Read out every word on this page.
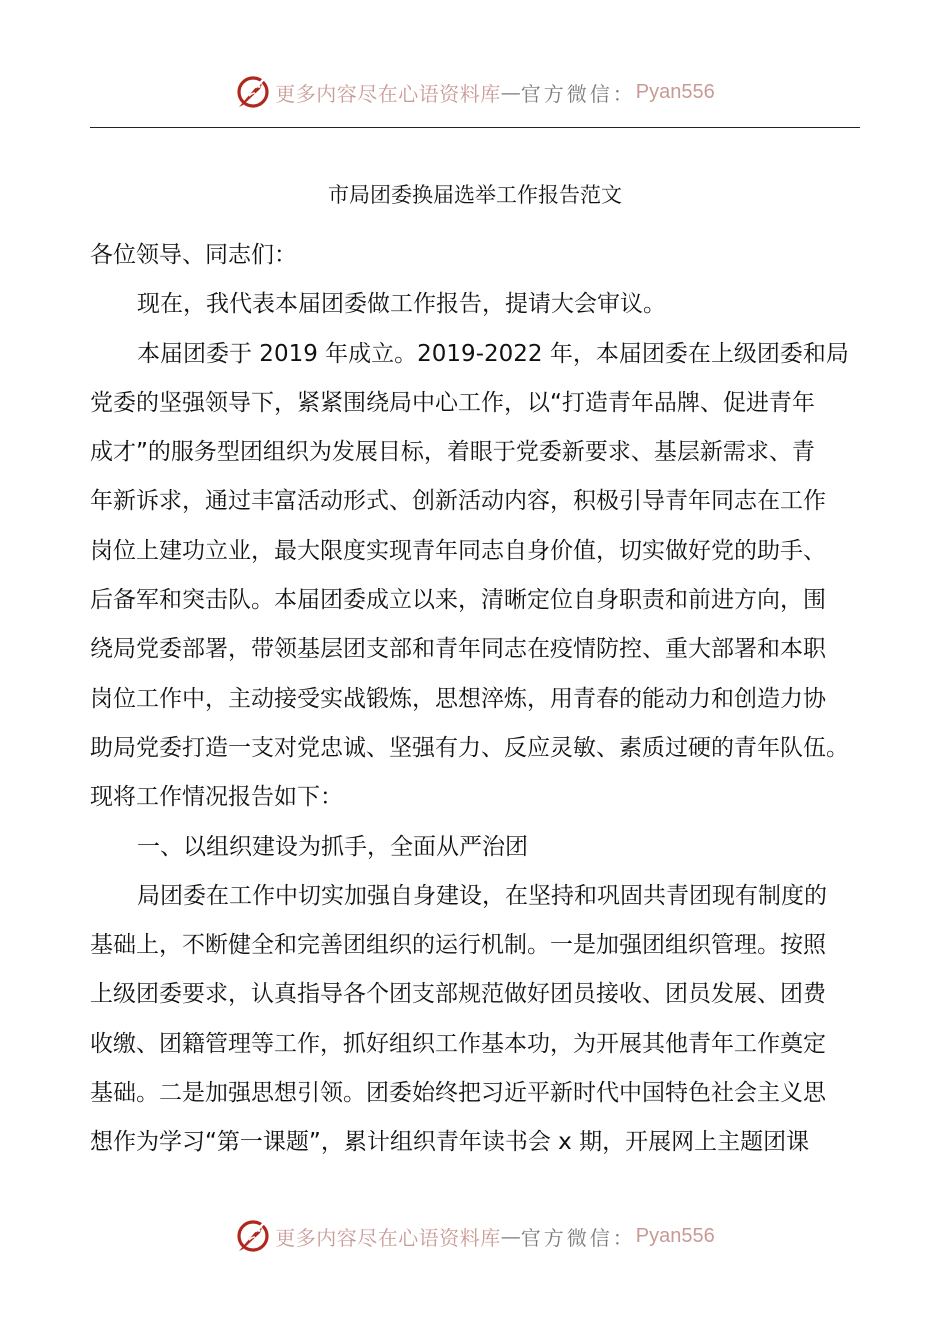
更多内容尽在心语资料库 — 官方微信： Pyan556
市局团委换届选举工作报告范文
各位领导、同志们：
现在，我代表本届团委做工作报告，提请大会审议。
本届团委于 2019 年成立。2019-2022 年，本届团委在上级团委和局
党委的坚强领导下，紧紧围绕局中心工作，以“打造青年品牌、促进青年
成才”的服务型团组织为发展目标，着眼于党委新要求、基层新需求、青
年新诉求，通过丰富活动形式、创新活动内容，积极引导青年同志在工作
岗位上建功立业，最大限度实现青年同志自身价值，切实做好党的助手、
后备军和突击队。本届团委成立以来，清晰定位自身职责和前进方向，围
绕局党委部署，带领基层团支部和青年同志在疫情防控、重大部署和本职
岗位工作中，主动接受实战锻炼，思想淬炼，用青春的能动力和创造力协
助局党委打造一支对党忠诚、坚强有力、反应灵敏、素质过硬的青年队伍。
现将工作情况报告如下：
一、以组织建设为抓手，全面从严治团
局团委在工作中切实加强自身建设，在坚持和巩固共青团现有制度的
基础上，不断健全和完善团组织的运行机制。一是加强团组织管理。按照
上级团委要求，认真指导各个团支部规范做好团员接收、团员发展、团费
收缴、团籍管理等工作，抓好组织工作基本功，为开展其他青年工作奠定
基础。二是加强思想引领。团委始终把习近平新时代中国特色社会主义思
想作为学习“第一课题”，累计组织青年读书会 x 期，开展网上主题团课
更多内容尽在心语资料库 — 官方微信： Pyan556
